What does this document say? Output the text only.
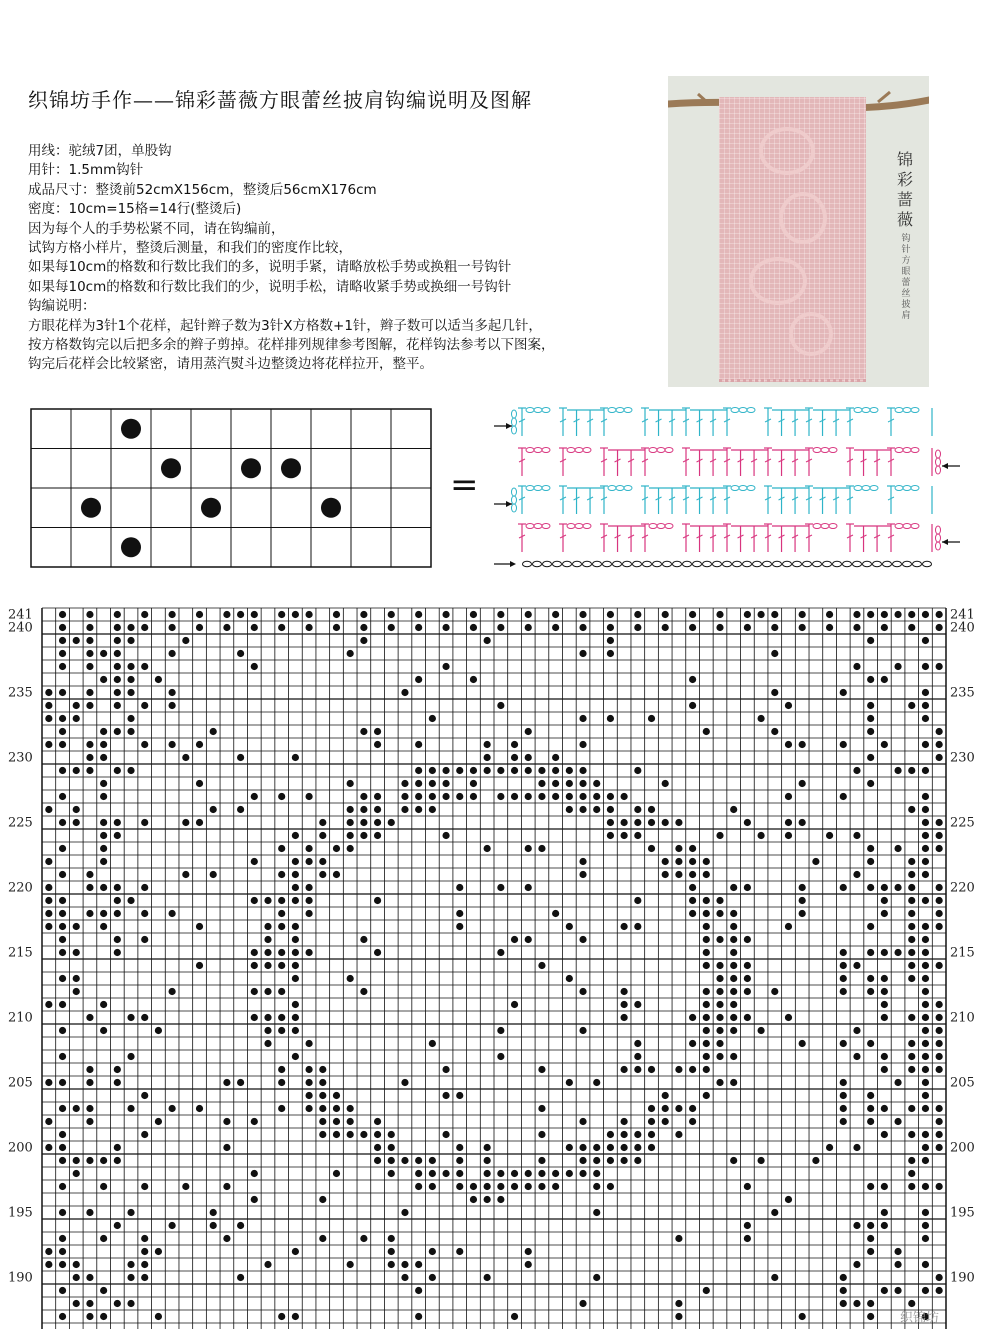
织锦坊手作——锦彩蔷薇方眼蕾丝披肩钩编说明及图解
用线：驼绒7团，单股钩
用针：1.5mm钩针
成品尺寸：整烫前52cmX156cm，整烫后56cmX176cm
密度：10cm=15格=14行(整烫后)
因为每个人的手势松紧不同，请在钩编前，
试钩方格小样片，整烫后测量，和我们的密度作比较，
如果每10cm的格数和行数比我们的多，说明手紧，请略放松手势或换粗一号钩针
如果每10cm的格数和行数比我们的少，说明手松，请略收紧手势或换细一号钩针
钩编说明：
方眼花样为3针1个花样，起针辫子数为3针X方格数+1针，辫子数可以适当多起几针，
按方格数钩完以后把多余的辫子剪掉。花样排列规律参考图解，花样钩法参考以下图案，
钩完后花样会比较紧密，请用蒸汽熨斗边整烫边将花样拉开，整平。
锦
彩
蔷
薇
钩
针
方
眼
蕾
丝
披
肩
=
241
240
235
230
225
220
215
210
205
200
195
190
241
240
235
230
225
220
215
210
205
200
195
190
织锦坊
